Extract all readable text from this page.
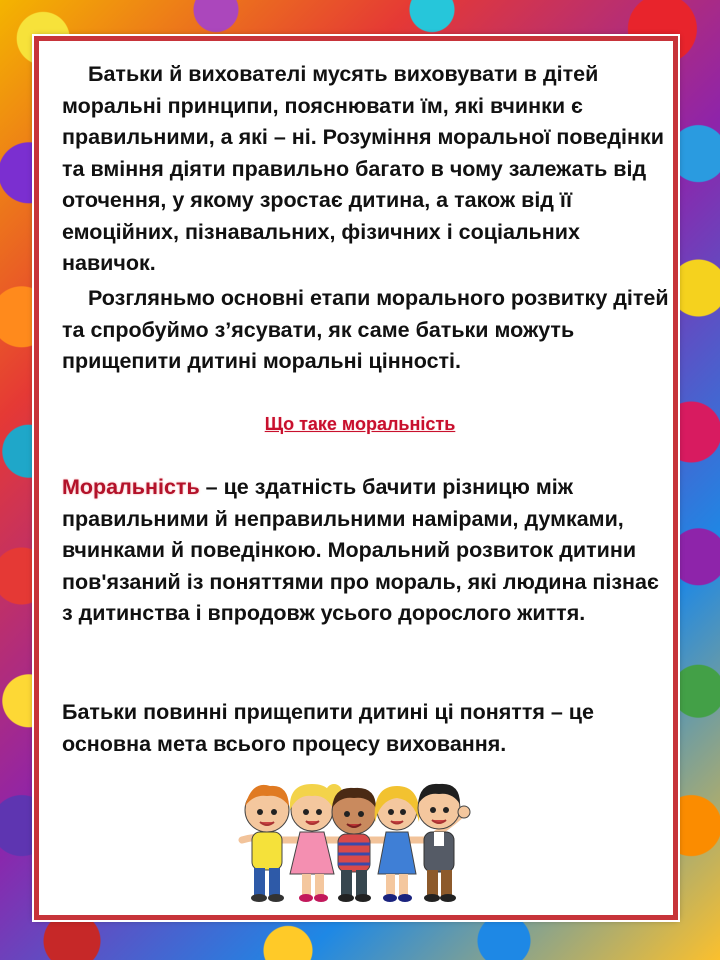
Батьки й вихователі мусять виховувати в дітей моральні принципи, пояснювати їм, які вчинки є правильними, а які – ні. Розуміння моральної поведінки та вміння діяти правильно багато в чому залежать від оточення, у якому зростає дитина, а також від її емоційних, пізнавальних, фізичних і соціальних навичок.

Розгляньмо основні етапи морального розвитку дітей та спробуймо з’ясувати, як саме батьки можуть прищепити дитині моральні цінності.

Що таке моральність

Моральність – це здатність бачити різницю між правильними й неправильними намірами, думками, вчинками й поведінкою. Моральний розвиток дитини пов'язаний із поняттями про мораль, які людина пізнає з дитинства і впродовж усього дорослого життя.

Батьки повинні прищепити дитині ці поняття – це основна мета всього процесу виховання.
